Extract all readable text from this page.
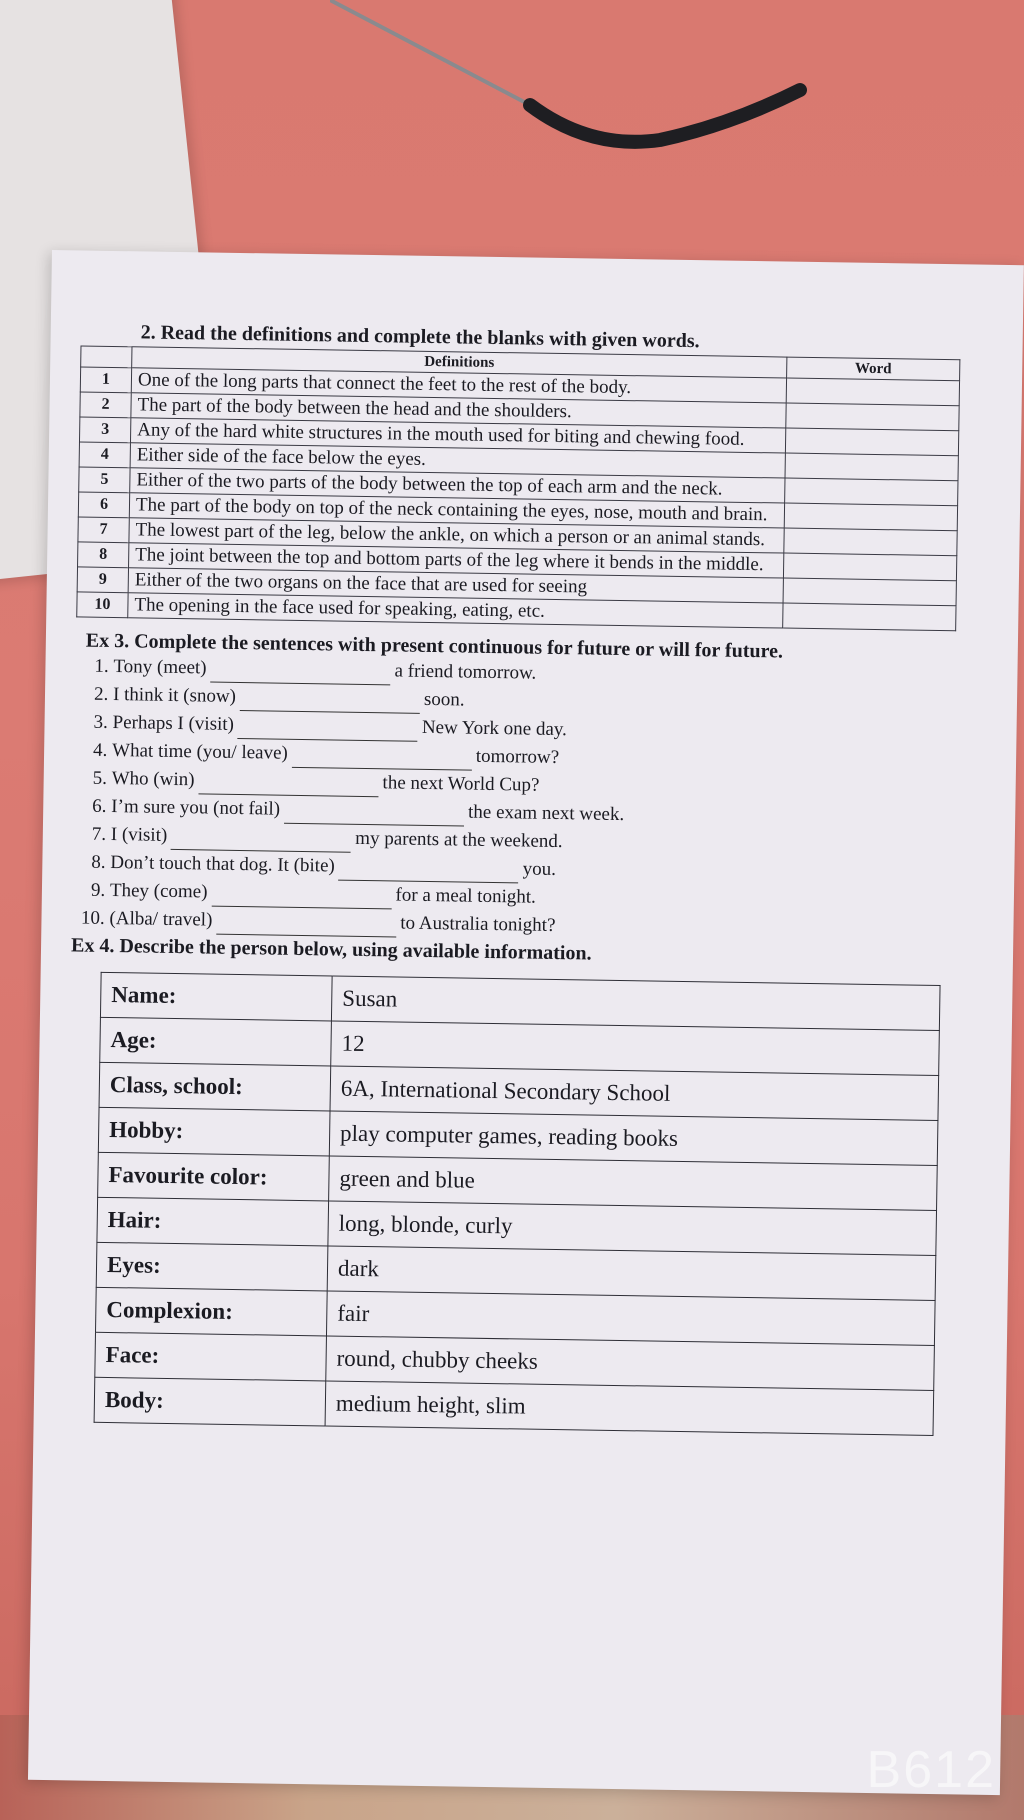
2. Read the definitions and complete the blanks with given words.
	Definitions	Word
1	One of the long parts that connect the feet to the rest of the body.	
2	The part of the body between the head and the shoulders.	
3	Any of the hard white structures in the mouth used for biting and chewing food.	
4	Either side of the face below the eyes.	
5	Either of the two parts of the body between the top of each arm and the neck.	
6	The part of the body on top of the neck containing the eyes, nose, mouth and brain.	
7	The lowest part of the leg, below the ankle, on which a person or an animal stands.	
8	The joint between the top and bottom parts of the leg where it bends in the middle.	
9	Either of the two organs on the face that are used for seeing	
10	The opening in the face used for speaking, eating, etc.	
Ex 3. Complete the sentences with present continuous for future or will for future.
1. Tony (meet)	a friend tomorrow.
2. I think it (snow)	soon.
3. Perhaps I (visit)	New York one day.
4. What time (you/ leave)	tomorrow?
5. Who (win)	the next World Cup?
6. I’m sure you (not fail)	the exam next week.
7. I (visit)	my parents at the weekend.
8. Don’t touch that dog. It (bite)	you.
9. They (come)	for a meal tonight.
10. (Alba/ travel)	to Australia tonight?
Ex 4. Describe the person below, using available information.
Name:	Susan
Age:	12
Class, school:	6A, International Secondary School
Hobby:	play computer games, reading books
Favourite color:	green and blue
Hair:	long, blonde, curly
Eyes:	dark
Complexion:	fair
Face:	round, chubby cheeks
Body:	medium height, slim
B612
